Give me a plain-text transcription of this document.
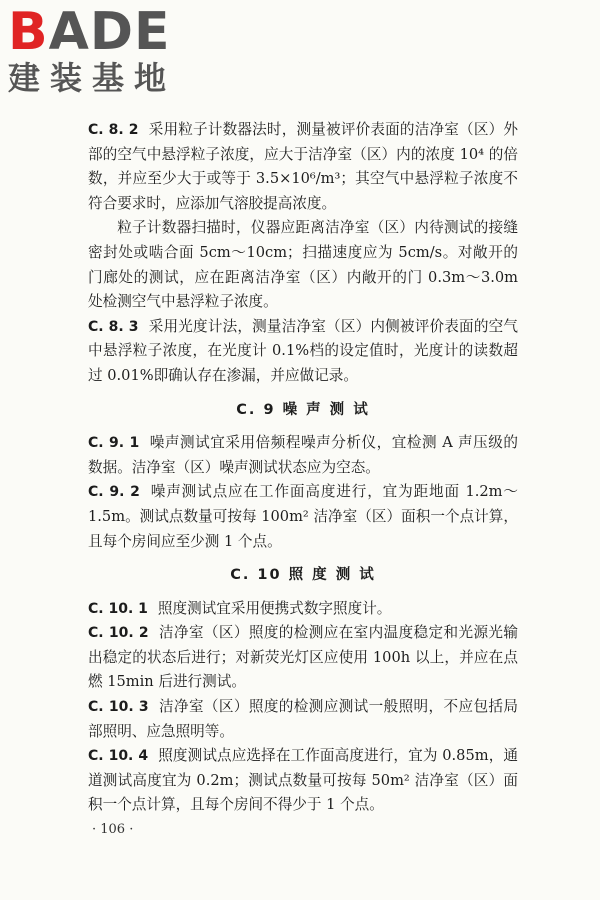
BADE
建装基地

C. 8. 2 采用粒子计数器法时，测量被评价表面的洁净室（区）外部的空气中悬浮粒子浓度，应大于洁净室（区）内的浓度 10⁴ 的倍数，并应至少大于或等于 3.5×10⁶/m³；其空气中悬浮粒子浓度不符合要求时，应添加气溶胶提高浓度。

粒子计数器扫描时，仪器应距离洁净室（区）内待测试的接缝密封处或啮合面 5cm～10cm；扫描速度应为 5cm/s。对敞开的门廊处的测试，应在距离洁净室（区）内敞开的门 0.3m～3.0m 处检测空气中悬浮粒子浓度。

C. 8. 3 采用光度计法，测量洁净室（区）内侧被评价表面的空气中悬浮粒子浓度，在光度计 0.1%档的设定值时，光度计的读数超过 0.01%即确认存在渗漏，并应做记录。

C. 9 噪 声 测 试

C. 9. 1 噪声测试宜采用倍频程噪声分析仪，宜检测 A 声压级的数据。洁净室（区）噪声测试状态应为空态。

C. 9. 2 噪声测试点应在工作面高度进行，宜为距地面 1.2m～1.5m。测试点数量可按每 100m² 洁净室（区）面积一个点计算，且每个房间应至少测 1 个点。

C. 10 照 度 测 试

C. 10. 1 照度测试宜采用便携式数字照度计。

C. 10. 2 洁净室（区）照度的检测应在室内温度稳定和光源光输出稳定的状态后进行；对新荧光灯区应使用 100h 以上，并应在点燃 15min 后进行测试。

C. 10. 3 洁净室（区）照度的检测应测试一般照明，不应包括局部照明、应急照明等。

C. 10. 4 照度测试点应选择在工作面高度进行，宜为 0.85m，通道测试高度宜为 0.2m；测试点数量可按每 50m² 洁净室（区）面积一个点计算，且每个房间不得少于 1 个点。

· 106 ·
